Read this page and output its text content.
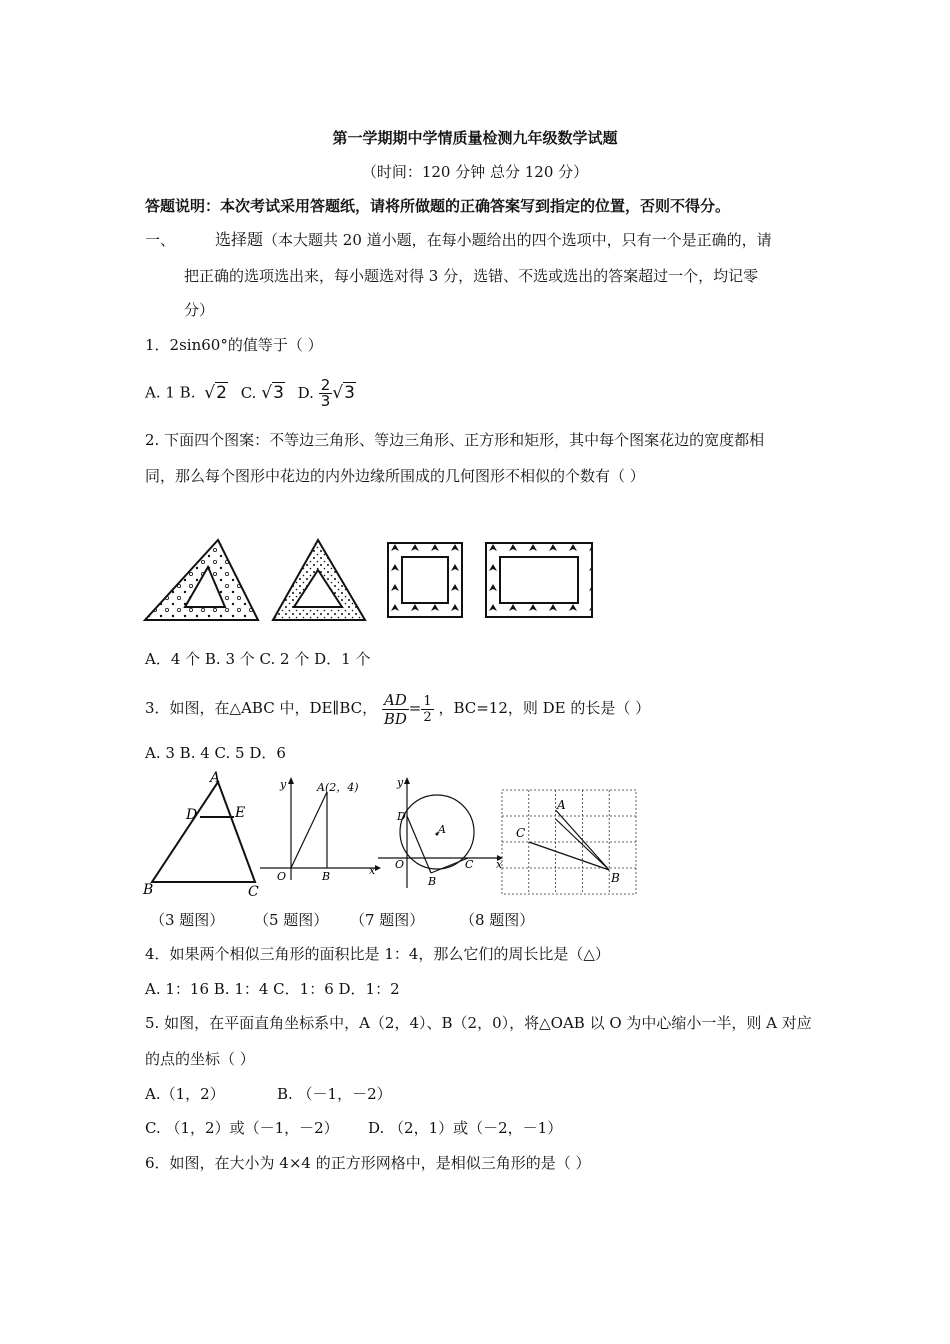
第一学期期中学情质量检测九年级数学试题
（时间：120 分钟 总分 120 分）
答题说明：本次考试采用答题纸，请将所做题的正确答案写到指定的位置，否则不得分。
一、	选择题（本大题共 20 道小题，在每小题给出的四个选项中，只有一个是正确的，请
把正确的选项选出来，每小题选对得 3 分，选错、不选或选出的答案超过一个，均记零
分）
1．2sin60°的值等于（ ）
A. 1 B. √2 C. √3 D. $\frac{2}{3} √3$
2. 下面四个图案：不等边三角形、等边三角形、正方形和矩形，其中每个图案花边的宽度都相
同，那么每个图形中花边的内外边缘所围成的几何图形不相似的个数有（ ）
A．4 个 B. 3 个 C. 2 个 D．1 个
3．如图，在△ABC 中，DE∥BC， $\frac{AD}{BD} = \frac{1}{2}$ ，BC=12，则 DE 的长是（ ）
A. 3 B. 4 C. 5 D．6
A
D	E
B	C
y	A(2，4)
O	B	x
y
D
A
O	C
B
x
A
C
B
（3 题图） （5 题图） （7 题图） （8 题图）
4．如果两个相似三角形的面积比是 1：4，那么它们的周长比是（△）
A. 1：16 B. 1：4 C．1：6 D．1：2
5. 如图，在平面直角坐标系中，A（2，4）、B（2，0），将△OAB 以 O 为中心缩小一半，则 A 对应
的点的坐标（ ）
A.（1，2）	B. （－1，－2）
C. （1，2）或（－1，－2） D. （2，1）或（－2，－1）
6．如图，在大小为 4×4 的正方形网格中，是相似三角形的是（ ）
